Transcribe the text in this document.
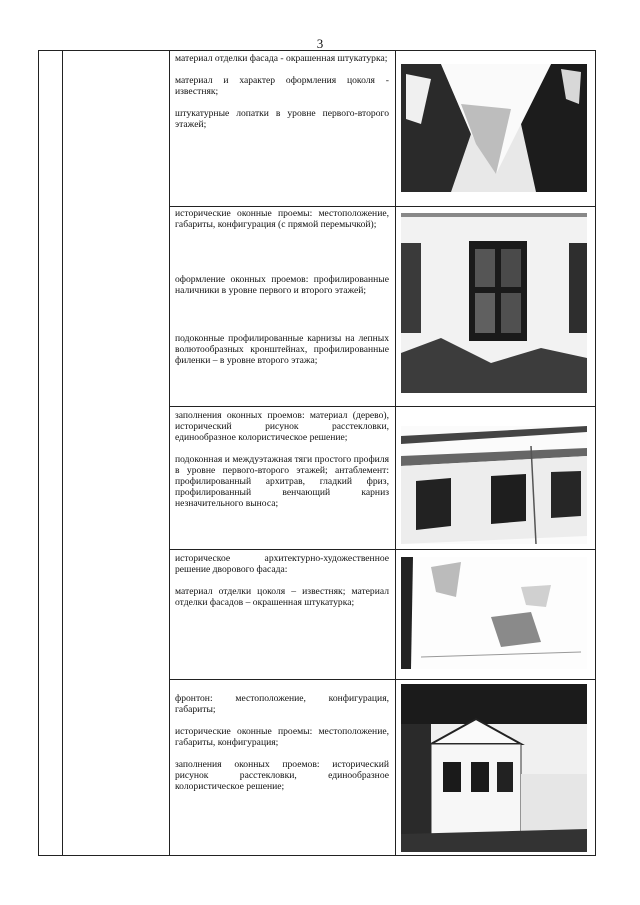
3

материал отделки фасада - окрашенная штукатурка;

материал и характер оформления цоколя - известняк;

штукатурные лопатки в уровне первого-второго этажей;

исторические оконные проемы: местоположение, габариты, конфигурация (с прямой перемычкой);

оформление оконных проемов: профилированные наличники в уровне первого и второго этажей;

подоконные профилированные карнизы на лепных волютообразных кронштейнах, профилированные филенки – в уровне второго этажа;

заполнения оконных проемов: материал (дерево), исторический рисунок расстекловки, единообразное колористическое решение;

подоконная и междуэтажная тяги простого профиля в уровне первого-второго этажей; антаблемент: профилированный архитрав, гладкий фриз, профилированный венчающий карниз незначительного выноса;

историческое архитектурно-художественное решение дворового фасада:

материал отделки цоколя – известняк; материал отделки фасадов – окрашенная штукатурка;

фронтон: местоположение, конфигурация, габариты;

исторические оконные проемы: местоположение, габариты, конфигурация;

заполнения оконных проемов: исторический рисунок расстекловки, единообразное колористическое решение;
